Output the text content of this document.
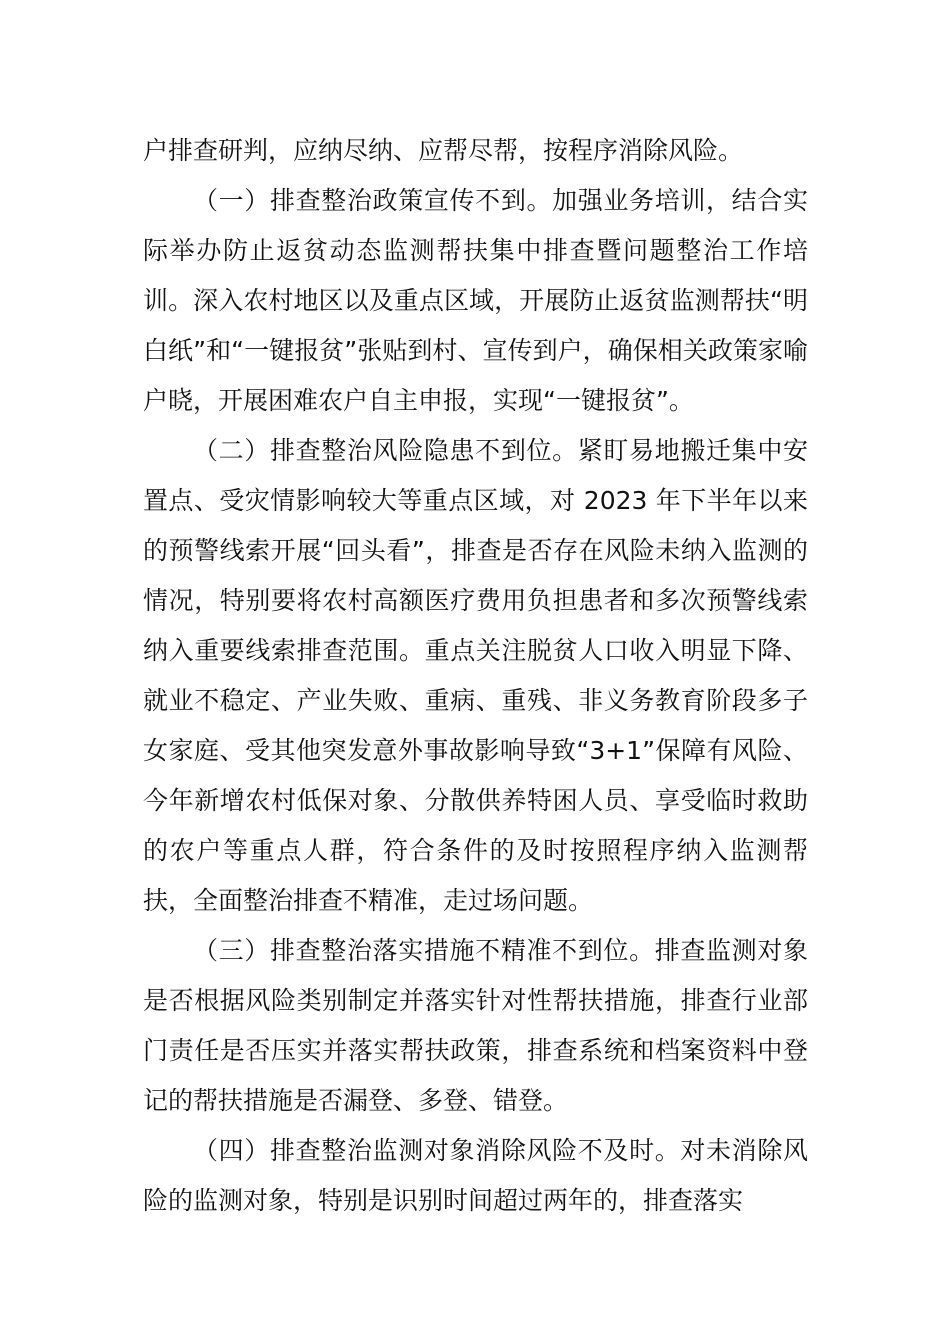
户排查研判，应纳尽纳、应帮尽帮，按程序消除风险。

（一）排查整治政策宣传不到。加强业务培训，结合实际举办防止返贫动态监测帮扶集中排查暨问题整治工作培训。深入农村地区以及重点区域，开展防止返贫监测帮扶“明白纸”和“一键报贫”张贴到村、宣传到户，确保相关政策家喻户晓，开展困难农户自主申报，实现“一键报贫”。

（二）排查整治风险隐患不到位。紧盯易地搬迁集中安置点、受灾情影响较大等重点区域，对 2023 年下半年以来的预警线索开展“回头看”，排查是否存在风险未纳入监测的情况，特别要将农村高额医疗费用负担患者和多次预警线索纳入重要线索排查范围。重点关注脱贫人口收入明显下降、就业不稳定、产业失败、重病、重残、非义务教育阶段多子女家庭、受其他突发意外事故影响导致“3+1”保障有风险、今年新增农村低保对象、分散供养特困人员、享受临时救助的农户等重点人群，符合条件的及时按照程序纳入监测帮扶，全面整治排查不精准，走过场问题。

（三）排查整治落实措施不精准不到位。排查监测对象是否根据风险类别制定并落实针对性帮扶措施，排查行业部门责任是否压实并落实帮扶政策，排查系统和档案资料中登记的帮扶措施是否漏登、多登、错登。

（四）排查整治监测对象消除风险不及时。对未消除风险的监测对象，特别是识别时间超过两年的，排查落实
